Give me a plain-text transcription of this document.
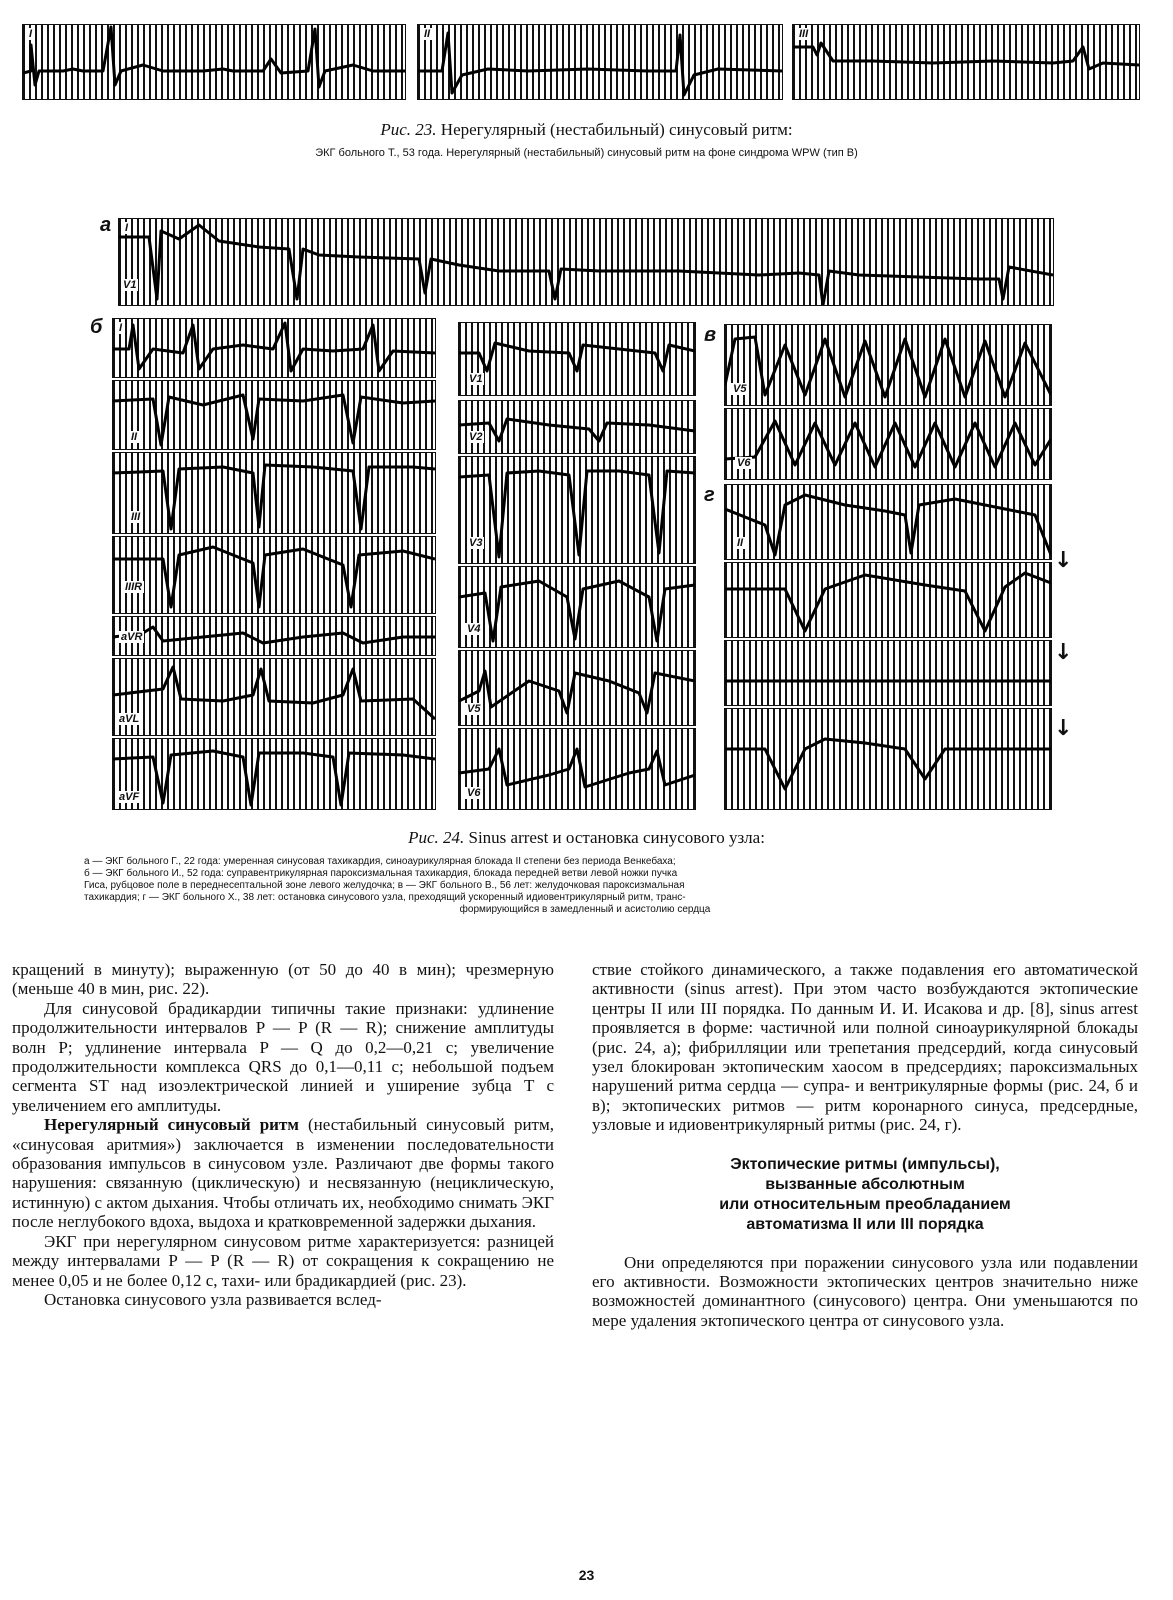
I	II	III
Рис. 23. Нерегулярный (нестабильный) синусовый ритм:
ЭКГ больного Т., 53 года. Нерегулярный (нестабильный) синусовый ритм на фоне синдрома WPW (тип В)
а I
V1
б I
II
III
IIIR
aVR
aVL
aVF
V1
V2
V3
V4
V5
V6
в
V5
V6
г
II
↓
↓
↓
Рис. 24. Sinus arrest и остановка синусового узла:
а — ЭКГ больного Г., 22 года: умеренная синусовая тахикардия, синоаурикулярная блокада II степени без периода Венкебаха;
б — ЭКГ больного И., 52 года: суправентрикулярная пароксизмальная тахикардия, блокада передней ветви левой ножки пучка
Гиса, рубцовое поле в переднесептальной зоне левого желудочка; в — ЭКГ больного В., 56 лет: желудочковая пароксизмальная
тахикардия; г — ЭКГ больного Х., 38 лет: остановка синусового узла, преходящий ускоренный идиовентрикулярный ритм, транс-
формирующийся в замедленный и асистолию сердца

кращений в минуту); выраженную (от 50 до 40 в мин); чрезмерную (меньше 40 в мин, рис. 22).

Для синусовой брадикардии типичны такие признаки: удлинение продолжительности интервалов P — P (R — R); снижение амплитуды волн P; удлинение интервала P — Q до 0,2—0,21 с; увеличение продолжительности комплекса QRS до 0,1—0,11 с; небольшой подъем сегмента ST над изоэлектрической линией и уширение зубца T с увеличением его амплитуды.

Нерегулярный синусовый ритм (нестабильный синусовый ритм, «синусовая аритмия») заключается в изменении последовательности образования импульсов в синусовом узле. Различают две формы такого нарушения: связанную (циклическую) и несвязанную (нециклическую, истинную) с актом дыхания. Чтобы отличать их, необходимо снимать ЭКГ после неглубокого вдоха, выдоха и кратковременной задержки дыхания.

ЭКГ при нерегулярном синусовом ритме характеризуется: разницей между интервалами P — P (R — R) от сокращения к сокращению не менее 0,05 и не более 0,12 с, тахи- или брадикардией (рис. 23).

Остановка синусового узла развивается вслед-

ствие стойкого динамического, а также подавления его автоматической активности (sinus arrest). При этом часто возбуждаются эктопические центры II или III порядка. По данным И. И. Исакова и др. [8], sinus arrest проявляется в форме: частичной или полной синоаурикулярной блокады (рис. 24, а); фибрилляции или трепетания предсердий, когда синусовый узел блокирован эктопическим хаосом в предсердиях; пароксизмальных нарушений ритма сердца — супра- и вентрикулярные формы (рис. 24, б и в); эктопических ритмов — ритм коронарного синуса, предсердные, узловые и идиовентрикулярный ритмы (рис. 24, г).

Эктопические ритмы (импульсы),
вызванные абсолютным
или относительным преобладанием
автоматизма II или III порядка

Они определяются при поражении синусового узла или подавлении его активности. Возможности эктопических центров значительно ниже возможностей доминантного (синусового) центра. Они уменьшаются по мере удаления эктопического центра от синусового узла.

23
